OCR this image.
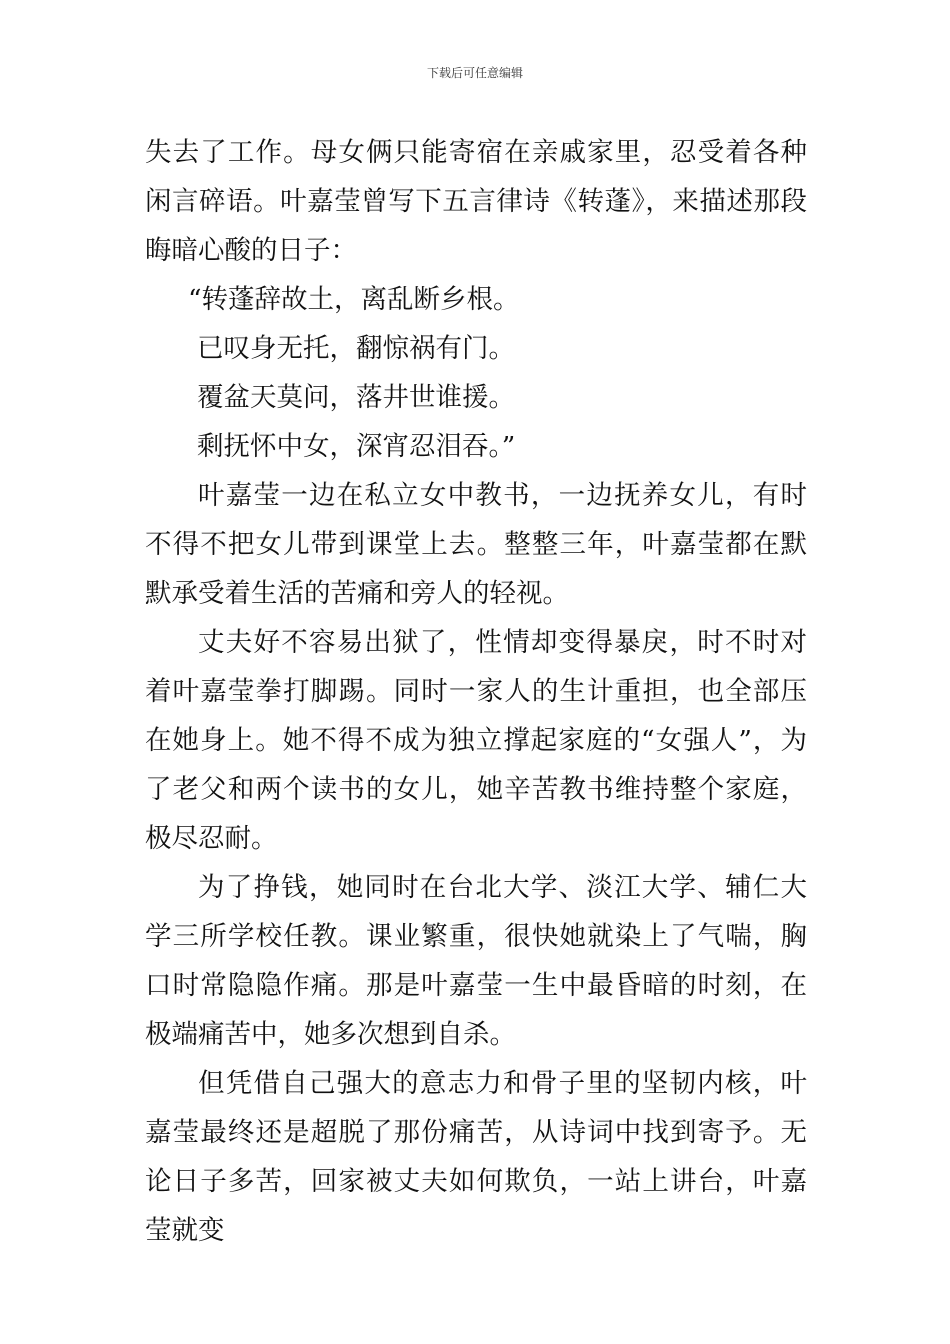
下载后可任意编辑

失去了工作。母女俩只能寄宿在亲戚家里，忍受着各种闲言碎语。叶嘉莹曾写下五言律诗《转蓬》，来描述那段晦暗心酸的日子：

“转蓬辞故土，离乱断乡根。

已叹身无托，翻惊祸有门。

覆盆天莫问，落井世谁援。

剩抚怀中女，深宵忍泪吞。”

叶嘉莹一边在私立女中教书，一边抚养女儿，有时不得不把女儿带到课堂上去。整整三年，叶嘉莹都在默默承受着生活的苦痛和旁人的轻视。

丈夫好不容易出狱了，性情却变得暴戾，时不时对着叶嘉莹拳打脚踢。同时一家人的生计重担，也全部压在她身上。她不得不成为独立撑起家庭的“女强人”，为了老父和两个读书的女儿，她辛苦教书维持整个家庭，极尽忍耐。

为了挣钱，她同时在台北大学、淡江大学、辅仁大学三所学校任教。课业繁重，很快她就染上了气喘，胸口时常隐隐作痛。那是叶嘉莹一生中最昏暗的时刻，在极端痛苦中，她多次想到自杀。

但凭借自己强大的意志力和骨子里的坚韧内核，叶嘉莹最终还是超脱了那份痛苦，从诗词中找到寄予。无论日子多苦，回家被丈夫如何欺负，一站上讲台，叶嘉莹就变
